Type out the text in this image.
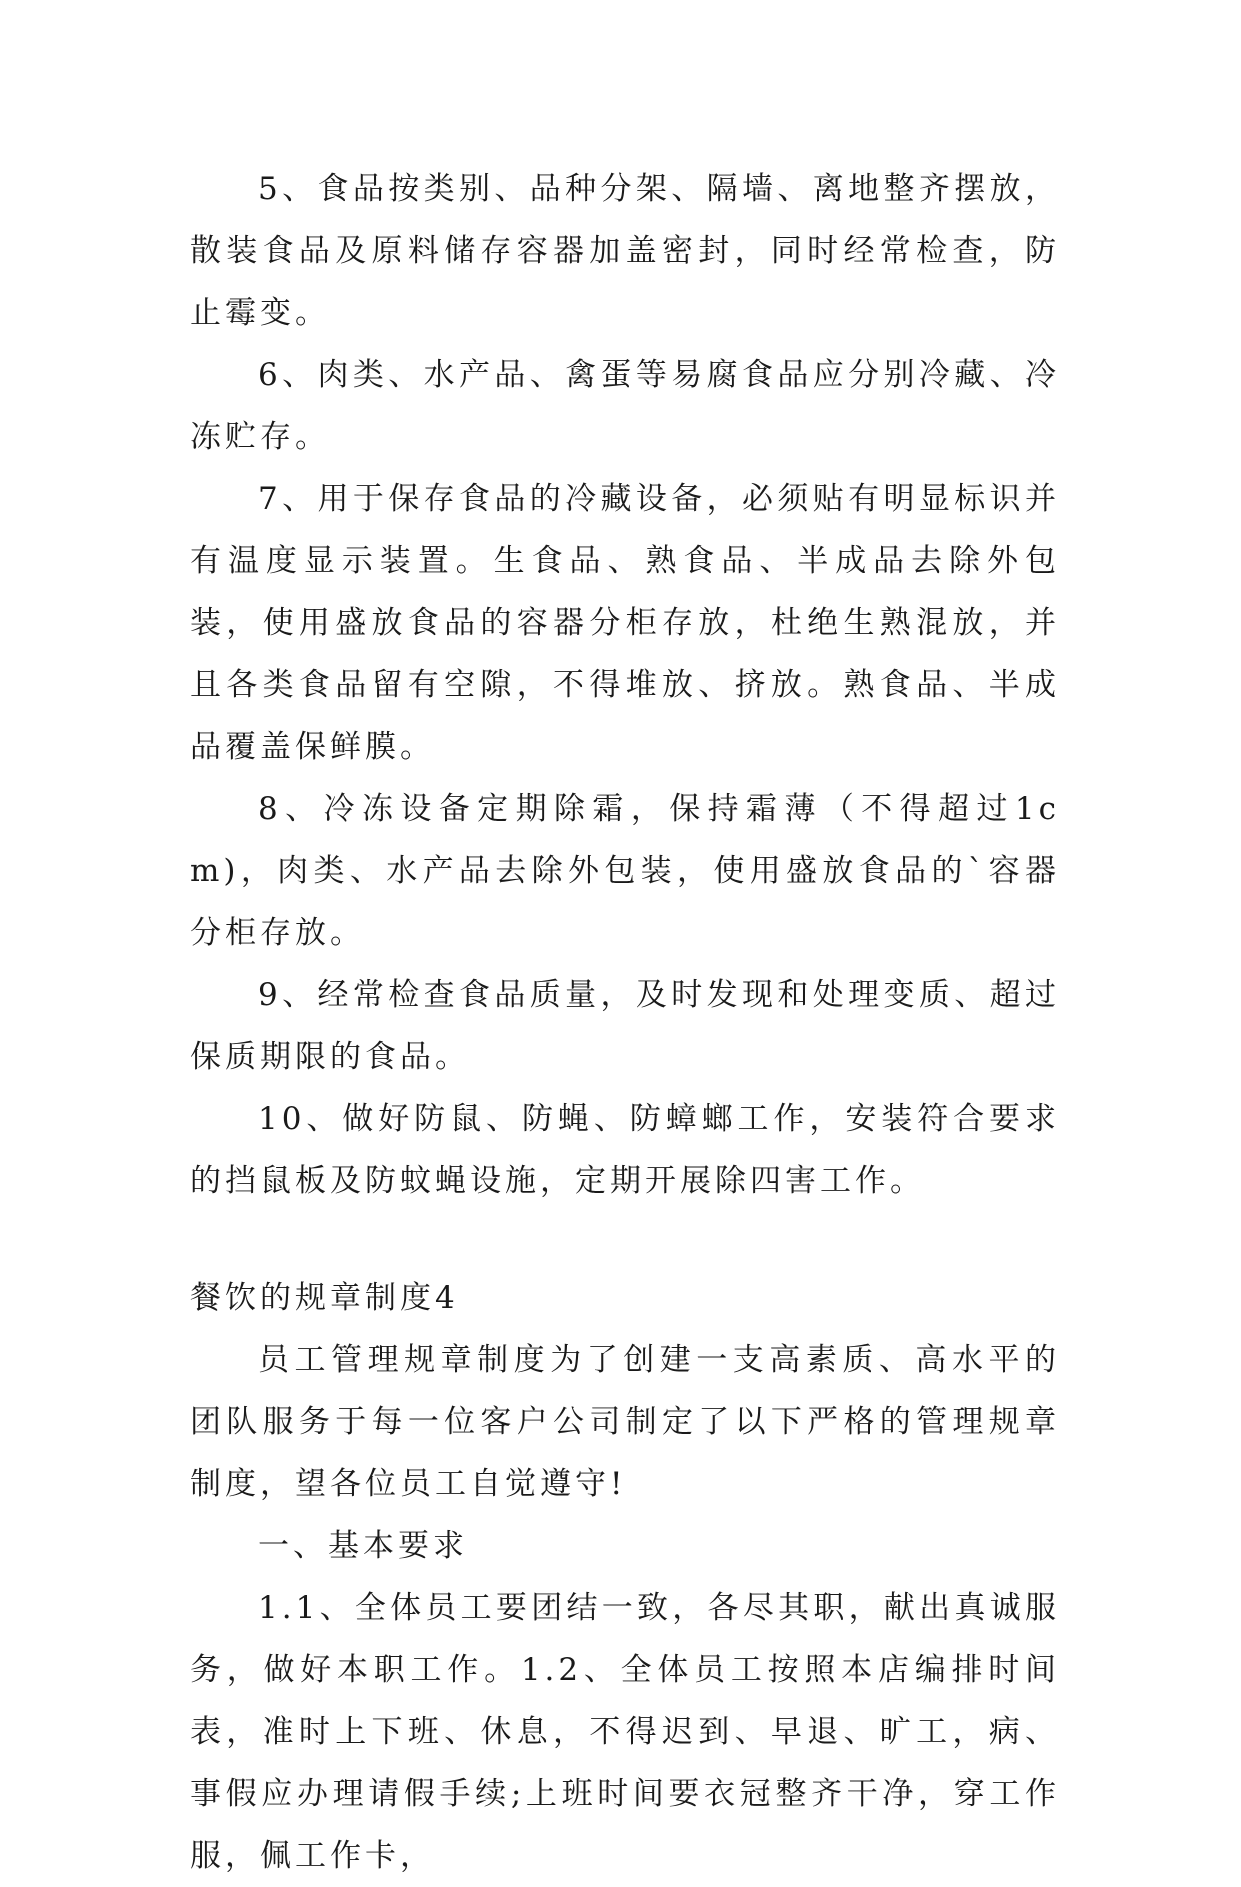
5、食品按类别、品种分架、隔墙、离地整齐摆放，散装食品及原料储存容器加盖密封，同时经常检查，防止霉变。

6、肉类、水产品、禽蛋等易腐食品应分别冷藏、冷冻贮存。

7、用于保存食品的冷藏设备，必须贴有明显标识并有温度显示装置。生食品、熟食品、半成品去除外包装，使用盛放食品的容器分柜存放，杜绝生熟混放，并且各类食品留有空隙，不得堆放、挤放。熟食品、半成品覆盖保鲜膜。

8、冷冻设备定期除霜，保持霜薄（不得超过1cm)，肉类、水产品去除外包装，使用盛放食品的`容器分柜存放。

9、经常检查食品质量，及时发现和处理变质、超过保质期限的食品。

10、做好防鼠、防蝇、防蟑螂工作，安装符合要求的挡鼠板及防蚊蝇设施，定期开展除四害工作。

餐饮的规章制度4

员工管理规章制度为了创建一支高素质、高水平的团队服务于每一位客户公司制定了以下严格的管理规章制度，望各位员工自觉遵守!

一、基本要求

1.1、全体员工要团结一致，各尽其职，献出真诚服务，做好本职工作。1.2、全体员工按照本店编排时间表，准时上下班、休息，不得迟到、早退、旷工，病、事假应办理请假手续;上班时间要衣冠整齐干净，穿工作服，佩工作卡，
